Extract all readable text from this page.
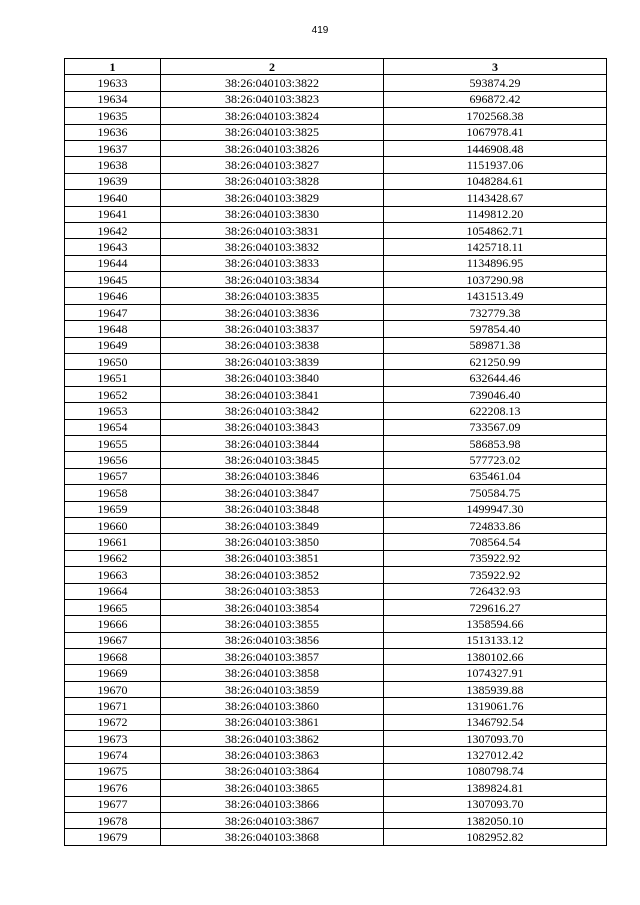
419
1	2	3
19633	38:26:040103:3822	593874.29
19634	38:26:040103:3823	696872.42
19635	38:26:040103:3824	1702568.38
19636	38:26:040103:3825	1067978.41
19637	38:26:040103:3826	1446908.48
19638	38:26:040103:3827	1151937.06
19639	38:26:040103:3828	1048284.61
19640	38:26:040103:3829	1143428.67
19641	38:26:040103:3830	1149812.20
19642	38:26:040103:3831	1054862.71
19643	38:26:040103:3832	1425718.11
19644	38:26:040103:3833	1134896.95
19645	38:26:040103:3834	1037290.98
19646	38:26:040103:3835	1431513.49
19647	38:26:040103:3836	732779.38
19648	38:26:040103:3837	597854.40
19649	38:26:040103:3838	589871.38
19650	38:26:040103:3839	621250.99
19651	38:26:040103:3840	632644.46
19652	38:26:040103:3841	739046.40
19653	38:26:040103:3842	622208.13
19654	38:26:040103:3843	733567.09
19655	38:26:040103:3844	586853.98
19656	38:26:040103:3845	577723.02
19657	38:26:040103:3846	635461.04
19658	38:26:040103:3847	750584.75
19659	38:26:040103:3848	1499947.30
19660	38:26:040103:3849	724833.86
19661	38:26:040103:3850	708564.54
19662	38:26:040103:3851	735922.92
19663	38:26:040103:3852	735922.92
19664	38:26:040103:3853	726432.93
19665	38:26:040103:3854	729616.27
19666	38:26:040103:3855	1358594.66
19667	38:26:040103:3856	1513133.12
19668	38:26:040103:3857	1380102.66
19669	38:26:040103:3858	1074327.91
19670	38:26:040103:3859	1385939.88
19671	38:26:040103:3860	1319061.76
19672	38:26:040103:3861	1346792.54
19673	38:26:040103:3862	1307093.70
19674	38:26:040103:3863	1327012.42
19675	38:26:040103:3864	1080798.74
19676	38:26:040103:3865	1389824.81
19677	38:26:040103:3866	1307093.70
19678	38:26:040103:3867	1382050.10
19679	38:26:040103:3868	1082952.82
